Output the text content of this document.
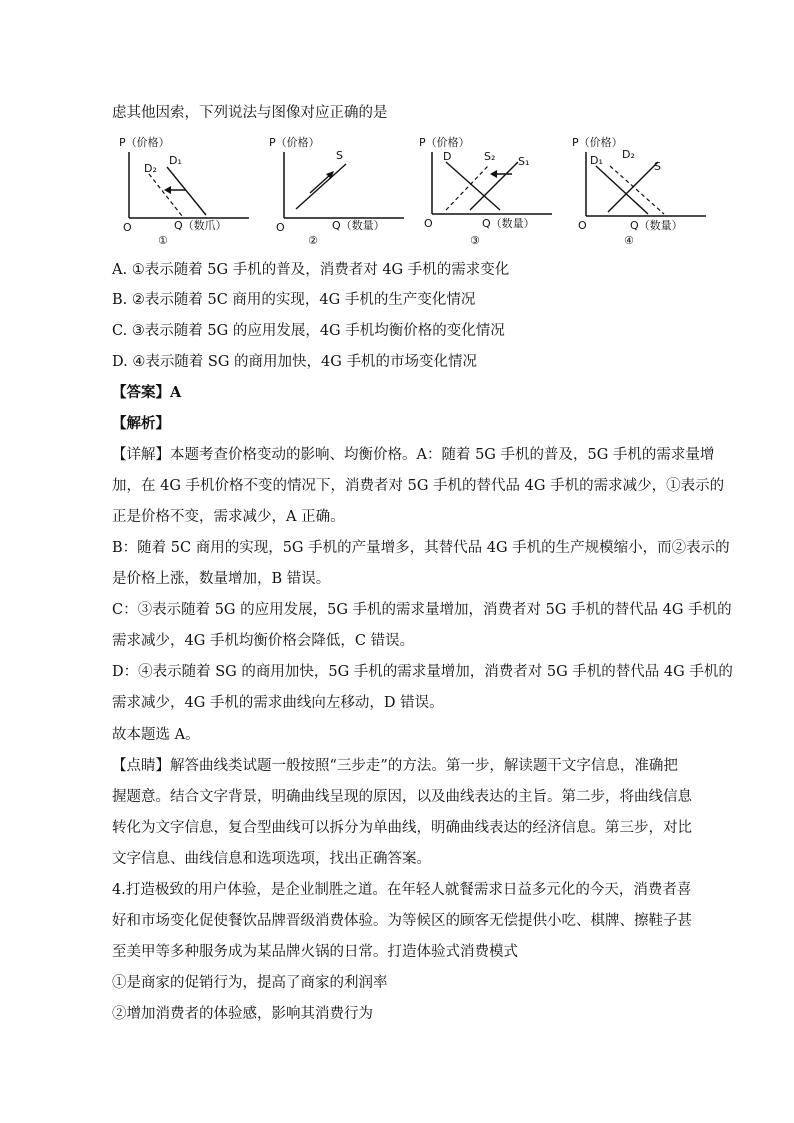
虑其他因索，下列说法与图像对应正确的是
P（价格）
O	Q（数爪）
①
D₂
D₁
P（价格）
O	Q（数量）
②
S
P（价格）
O	Q（数量）
③
D	S₂ S₁
P（价格）
O	Q（数量）
④
D₁ D₂
S
A. ①表示随着 5G 手机的普及，消费者对 4G 手机的需求变化
B. ②表示随着 5C 商用的实现，4G 手机的生产变化情况
C. ③表示随着 5G 的应用发展，4G 手机均衡价格的变化情况
D. ④表示随着 SG 的商用加快，4G 手机的市场变化情况
【答案】A
【解析】
【详解】本题考查价格变动的影响、均衡价格。A：随着 5G 手机的普及，5G 手机的需求量增
加，在 4G 手机价格不变的情况下，消费者对 5G 手机的替代品 4G 手机的需求减少，①表示的
正是价格不变，需求减少，A 正确。
B：随着 5C 商用的实现，5G 手机的产量增多，其替代品 4G 手机的生产规模缩小，而②表示的
是价格上涨，数量增加，B 错误。
C：③表示随着 5G 的应用发展，5G 手机的需求量增加，消费者对 5G 手机的替代品 4G 手机的
需求减少，4G 手机均衡价格会降低，C 错误。
D：④表示随着 SG 的商用加快，5G 手机的需求量增加，消费者对 5G 手机的替代品 4G 手机的
需求减少，4G 手机的需求曲线向左移动，D 错误。
故本题选 A。
【点睛】解答曲线类试题一般按照“三步走”的方法。第一步，解读题干文字信息，准确把
握题意。结合文字背景，明确曲线呈现的原因，以及曲线表达的主旨。第二步，将曲线信息
转化为文字信息，复合型曲线可以拆分为单曲线，明确曲线表达的经济信息。第三步，对比
文字信息、曲线信息和选项选项，找出正确答案。
4.打造极致的用户体验，是企业制胜之道。在年轻人就餐需求日益多元化的今天，消费者喜
好和市场变化促使餐饮品牌晋级消费体验。为等候区的顾客无偿提供小吃、棋牌、擦鞋子甚
至美甲等多种服务成为某品牌火锅的日常。打造体验式消费模式
①是商家的促销行为，提高了商家的利润率
②增加消费者的体验感，影响其消费行为
